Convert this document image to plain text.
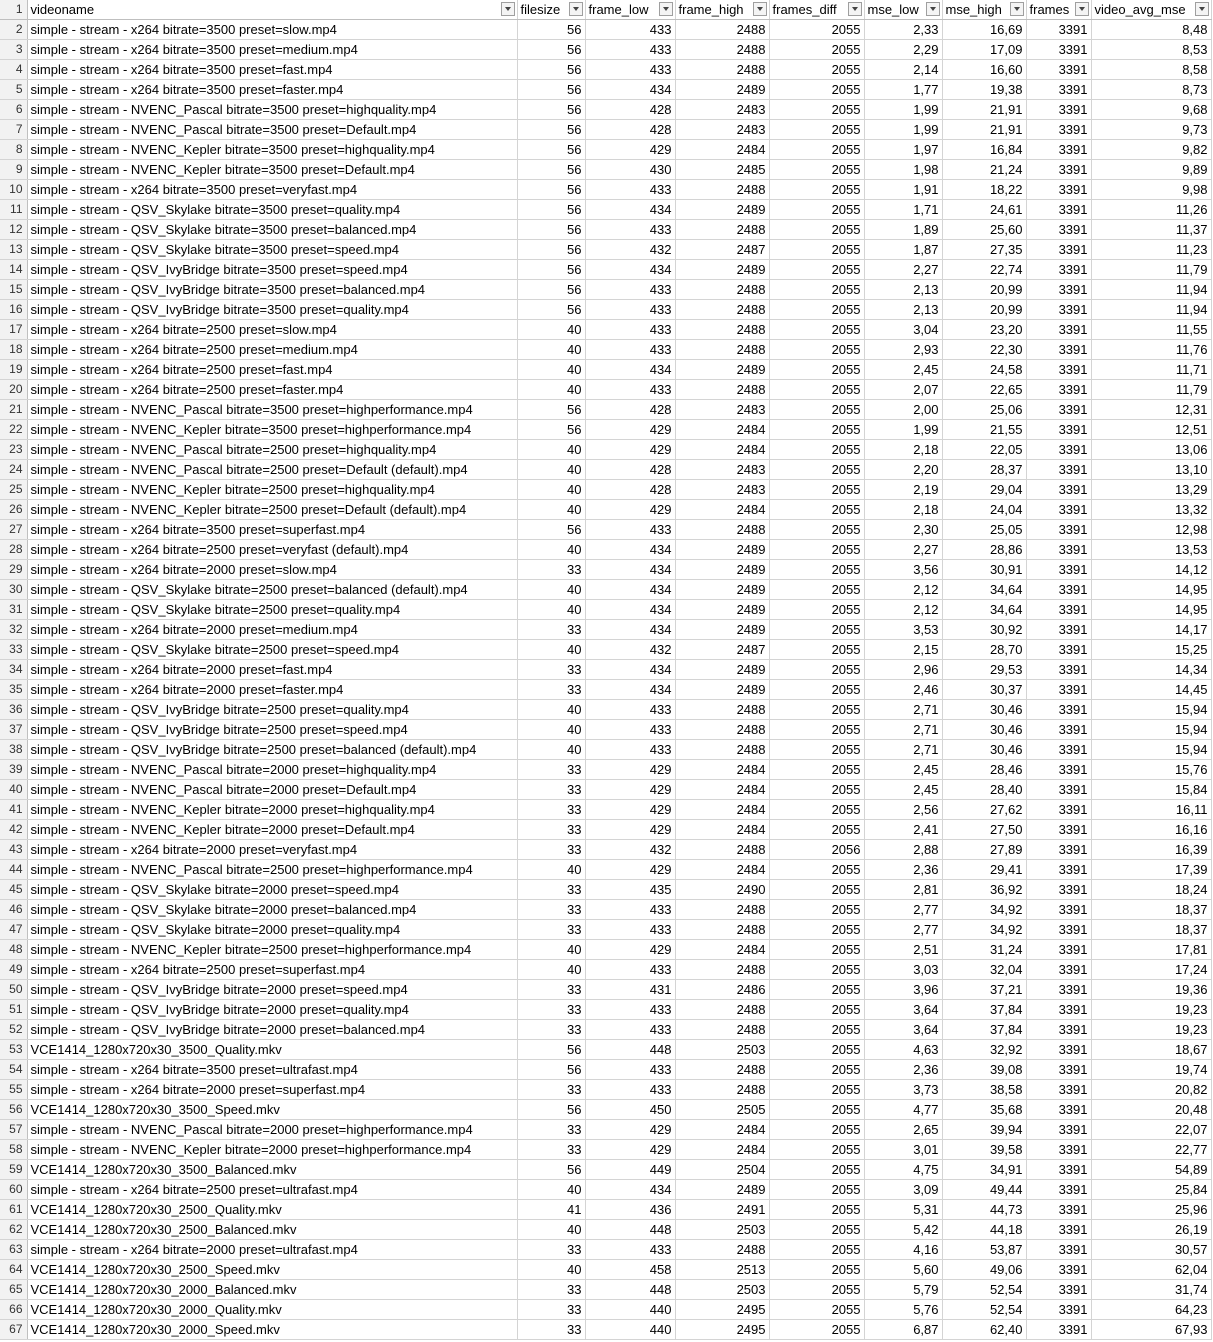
1	videoname	filesize	frame_low	frame_high	frames_diff	mse_low	mse_high	frames	video_avg_mse

2	simple - stream - x264 bitrate=3500 preset=slow.mp4	56	433	2488	2055	2,33	16,69	3391	8,48
3	simple - stream - x264 bitrate=3500 preset=medium.mp4	56	433	2488	2055	2,29	17,09	3391	8,53
4	simple - stream - x264 bitrate=3500 preset=fast.mp4	56	433	2488	2055	2,14	16,60	3391	8,58
5	simple - stream - x264 bitrate=3500 preset=faster.mp4	56	434	2489	2055	1,77	19,38	3391	8,73
6	simple - stream - NVENC_Pascal bitrate=3500 preset=highquality.mp4	56	428	2483	2055	1,99	21,91	3391	9,68
7	simple - stream - NVENC_Pascal bitrate=3500 preset=Default.mp4	56	428	2483	2055	1,99	21,91	3391	9,73
8	simple - stream - NVENC_Kepler bitrate=3500 preset=highquality.mp4	56	429	2484	2055	1,97	16,84	3391	9,82
9	simple - stream - NVENC_Kepler bitrate=3500 preset=Default.mp4	56	430	2485	2055	1,98	21,24	3391	9,89
10	simple - stream - x264 bitrate=3500 preset=veryfast.mp4	56	433	2488	2055	1,91	18,22	3391	9,98
11	simple - stream - QSV_Skylake bitrate=3500 preset=quality.mp4	56	434	2489	2055	1,71	24,61	3391	11,26
12	simple - stream - QSV_Skylake bitrate=3500 preset=balanced.mp4	56	433	2488	2055	1,89	25,60	3391	11,37
13	simple - stream - QSV_Skylake bitrate=3500 preset=speed.mp4	56	432	2487	2055	1,87	27,35	3391	11,23
14	simple - stream - QSV_IvyBridge bitrate=3500 preset=speed.mp4	56	434	2489	2055	2,27	22,74	3391	11,79
15	simple - stream - QSV_IvyBridge bitrate=3500 preset=balanced.mp4	56	433	2488	2055	2,13	20,99	3391	11,94
16	simple - stream - QSV_IvyBridge bitrate=3500 preset=quality.mp4	56	433	2488	2055	2,13	20,99	3391	11,94
17	simple - stream - x264 bitrate=2500 preset=slow.mp4	40	433	2488	2055	3,04	23,20	3391	11,55
18	simple - stream - x264 bitrate=2500 preset=medium.mp4	40	433	2488	2055	2,93	22,30	3391	11,76
19	simple - stream - x264 bitrate=2500 preset=fast.mp4	40	434	2489	2055	2,45	24,58	3391	11,71
20	simple - stream - x264 bitrate=2500 preset=faster.mp4	40	433	2488	2055	2,07	22,65	3391	11,79
21	simple - stream - NVENC_Pascal bitrate=3500 preset=highperformance.mp4	56	428	2483	2055	2,00	25,06	3391	12,31
22	simple - stream - NVENC_Kepler bitrate=3500 preset=highperformance.mp4	56	429	2484	2055	1,99	21,55	3391	12,51
23	simple - stream - NVENC_Pascal bitrate=2500 preset=highquality.mp4	40	429	2484	2055	2,18	22,05	3391	13,06
24	simple - stream - NVENC_Pascal bitrate=2500 preset=Default (default).mp4	40	428	2483	2055	2,20	28,37	3391	13,10
25	simple - stream - NVENC_Kepler bitrate=2500 preset=highquality.mp4	40	428	2483	2055	2,19	29,04	3391	13,29
26	simple - stream - NVENC_Kepler bitrate=2500 preset=Default (default).mp4	40	429	2484	2055	2,18	24,04	3391	13,32
27	simple - stream - x264 bitrate=3500 preset=superfast.mp4	56	433	2488	2055	2,30	25,05	3391	12,98
28	simple - stream - x264 bitrate=2500 preset=veryfast (default).mp4	40	434	2489	2055	2,27	28,86	3391	13,53
29	simple - stream - x264 bitrate=2000 preset=slow.mp4	33	434	2489	2055	3,56	30,91	3391	14,12
30	simple - stream - QSV_Skylake bitrate=2500 preset=balanced (default).mp4	40	434	2489	2055	2,12	34,64	3391	14,95
31	simple - stream - QSV_Skylake bitrate=2500 preset=quality.mp4	40	434	2489	2055	2,12	34,64	3391	14,95
32	simple - stream - x264 bitrate=2000 preset=medium.mp4	33	434	2489	2055	3,53	30,92	3391	14,17
33	simple - stream - QSV_Skylake bitrate=2500 preset=speed.mp4	40	432	2487	2055	2,15	28,70	3391	15,25
34	simple - stream - x264 bitrate=2000 preset=fast.mp4	33	434	2489	2055	2,96	29,53	3391	14,34
35	simple - stream - x264 bitrate=2000 preset=faster.mp4	33	434	2489	2055	2,46	30,37	3391	14,45
36	simple - stream - QSV_IvyBridge bitrate=2500 preset=quality.mp4	40	433	2488	2055	2,71	30,46	3391	15,94
37	simple - stream - QSV_IvyBridge bitrate=2500 preset=speed.mp4	40	433	2488	2055	2,71	30,46	3391	15,94
38	simple - stream - QSV_IvyBridge bitrate=2500 preset=balanced (default).mp4	40	433	2488	2055	2,71	30,46	3391	15,94
39	simple - stream - NVENC_Pascal bitrate=2000 preset=highquality.mp4	33	429	2484	2055	2,45	28,46	3391	15,76
40	simple - stream - NVENC_Pascal bitrate=2000 preset=Default.mp4	33	429	2484	2055	2,45	28,40	3391	15,84
41	simple - stream - NVENC_Kepler bitrate=2000 preset=highquality.mp4	33	429	2484	2055	2,56	27,62	3391	16,11
42	simple - stream - NVENC_Kepler bitrate=2000 preset=Default.mp4	33	429	2484	2055	2,41	27,50	3391	16,16
43	simple - stream - x264 bitrate=2000 preset=veryfast.mp4	33	432	2488	2056	2,88	27,89	3391	16,39
44	simple - stream - NVENC_Pascal bitrate=2500 preset=highperformance.mp4	40	429	2484	2055	2,36	29,41	3391	17,39
45	simple - stream - QSV_Skylake bitrate=2000 preset=speed.mp4	33	435	2490	2055	2,81	36,92	3391	18,24
46	simple - stream - QSV_Skylake bitrate=2000 preset=balanced.mp4	33	433	2488	2055	2,77	34,92	3391	18,37
47	simple - stream - QSV_Skylake bitrate=2000 preset=quality.mp4	33	433	2488	2055	2,77	34,92	3391	18,37
48	simple - stream - NVENC_Kepler bitrate=2500 preset=highperformance.mp4	40	429	2484	2055	2,51	31,24	3391	17,81
49	simple - stream - x264 bitrate=2500 preset=superfast.mp4	40	433	2488	2055	3,03	32,04	3391	17,24
50	simple - stream - QSV_IvyBridge bitrate=2000 preset=speed.mp4	33	431	2486	2055	3,96	37,21	3391	19,36
51	simple - stream - QSV_IvyBridge bitrate=2000 preset=quality.mp4	33	433	2488	2055	3,64	37,84	3391	19,23
52	simple - stream - QSV_IvyBridge bitrate=2000 preset=balanced.mp4	33	433	2488	2055	3,64	37,84	3391	19,23
53	VCE1414_1280x720x30_3500_Quality.mkv	56	448	2503	2055	4,63	32,92	3391	18,67
54	simple - stream - x264 bitrate=3500 preset=ultrafast.mp4	56	433	2488	2055	2,36	39,08	3391	19,74
55	simple - stream - x264 bitrate=2000 preset=superfast.mp4	33	433	2488	2055	3,73	38,58	3391	20,82
56	VCE1414_1280x720x30_3500_Speed.mkv	56	450	2505	2055	4,77	35,68	3391	20,48
57	simple - stream - NVENC_Pascal bitrate=2000 preset=highperformance.mp4	33	429	2484	2055	2,65	39,94	3391	22,07
58	simple - stream - NVENC_Kepler bitrate=2000 preset=highperformance.mp4	33	429	2484	2055	3,01	39,58	3391	22,77
59	VCE1414_1280x720x30_3500_Balanced.mkv	56	449	2504	2055	4,75	34,91	3391	54,89
60	simple - stream - x264 bitrate=2500 preset=ultrafast.mp4	40	434	2489	2055	3,09	49,44	3391	25,84
61	VCE1414_1280x720x30_2500_Quality.mkv	41	436	2491	2055	5,31	44,73	3391	25,96
62	VCE1414_1280x720x30_2500_Balanced.mkv	40	448	2503	2055	5,42	44,18	3391	26,19
63	simple - stream - x264 bitrate=2000 preset=ultrafast.mp4	33	433	2488	2055	4,16	53,87	3391	30,57
64	VCE1414_1280x720x30_2500_Speed.mkv	40	458	2513	2055	5,60	49,06	3391	62,04
65	VCE1414_1280x720x30_2000_Balanced.mkv	33	448	2503	2055	5,79	52,54	3391	31,74
66	VCE1414_1280x720x30_2000_Quality.mkv	33	440	2495	2055	5,76	52,54	3391	64,23
67	VCE1414_1280x720x30_2000_Speed.mkv	33	440	2495	2055	6,87	62,40	3391	67,93
